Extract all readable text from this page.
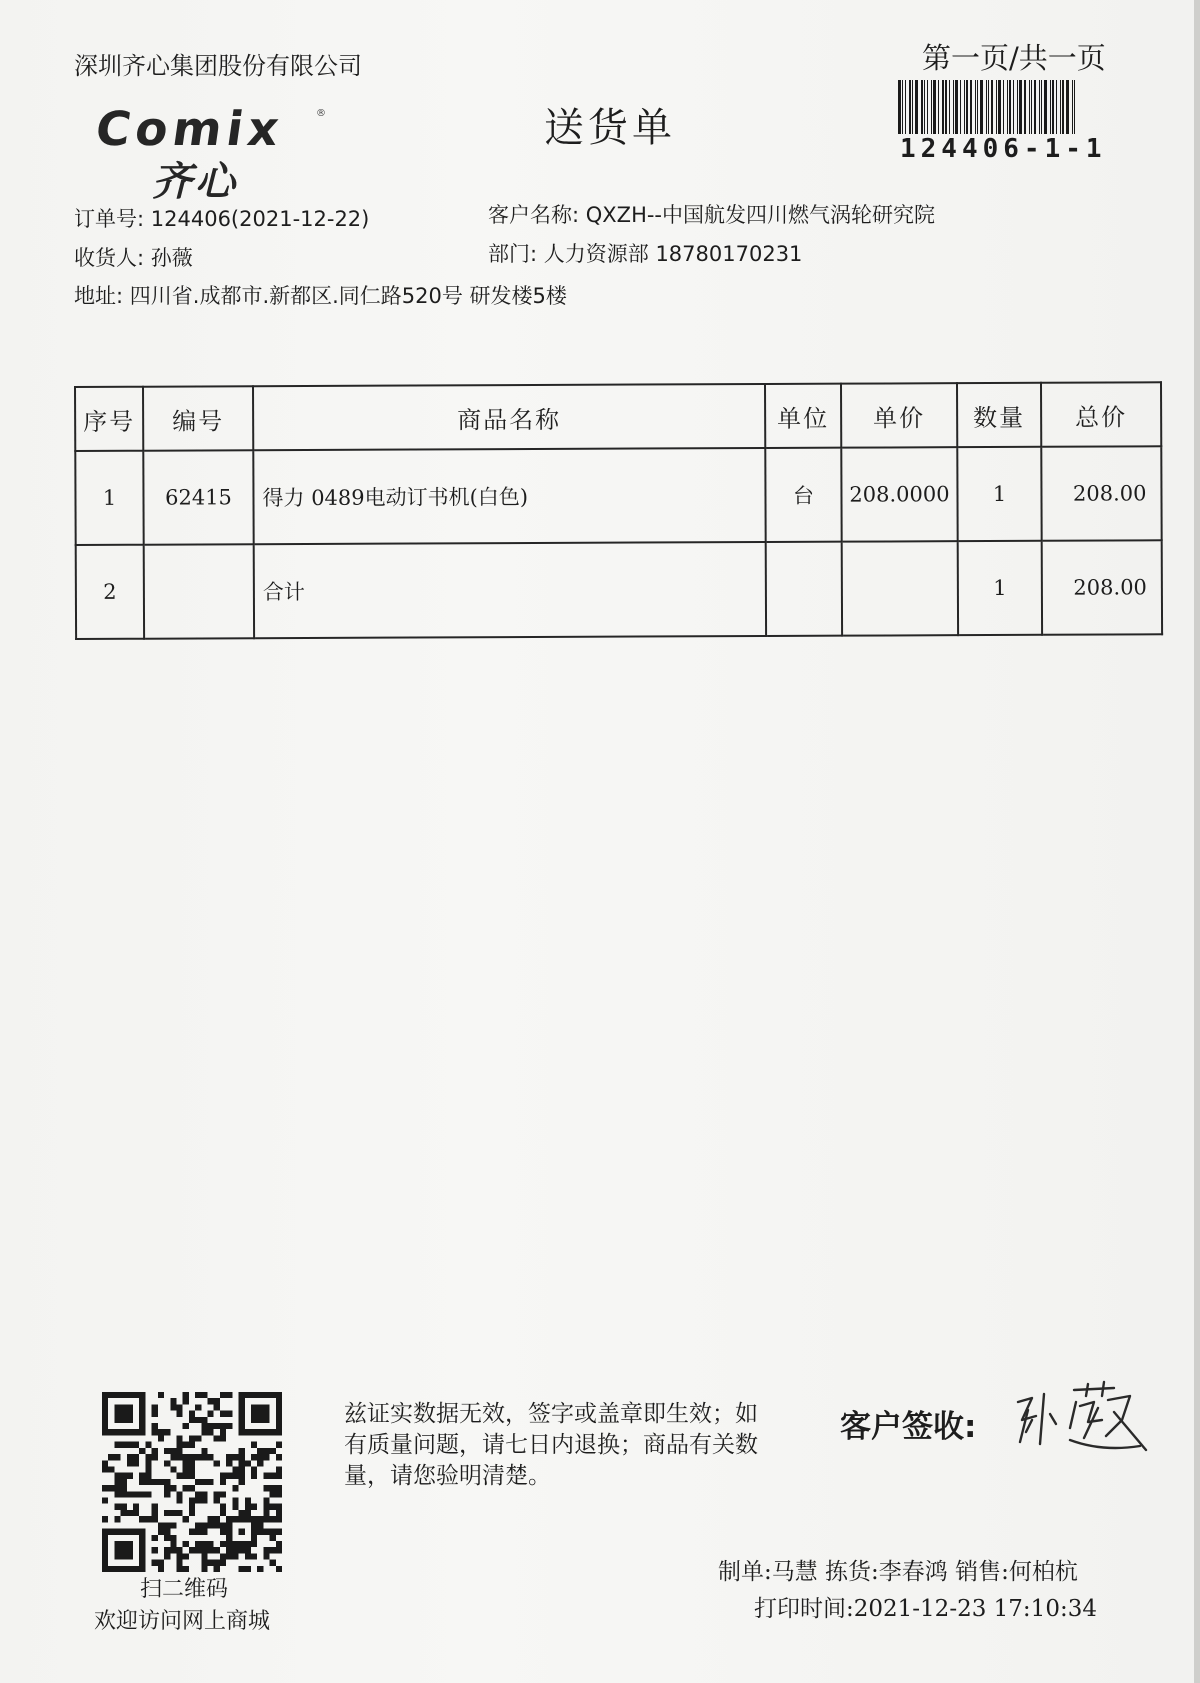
深圳齐心集团股份有限公司	第一页/共一页
Comix	®
齐心
送货单	124406-1-1
订单号: 124406(2021-12-22)	客户名称: QXZH--中国航发四川燃气涡轮研究院
收货人: 孙薇	部门: 人力资源部 18780170231
地址: 四川省.成都市.新都区.同仁路520号 研发楼5楼
序号	编号	商品名称	单位	单价	数量	总价
1	62415	得力 0489电动订书机(白色)	台	208.0000	1	208.00
2		合计			1	208.00
扫二维码
欢迎访问网上商城
兹证实数据无效，签字或盖章即生效；如有质量问题，请七日内退换；商品有关数量，请您验明清楚。
客户签收:
制单:马慧 拣货:李春鸿 销售:何柏杭
打印时间:2021-12-23 17:10:34
